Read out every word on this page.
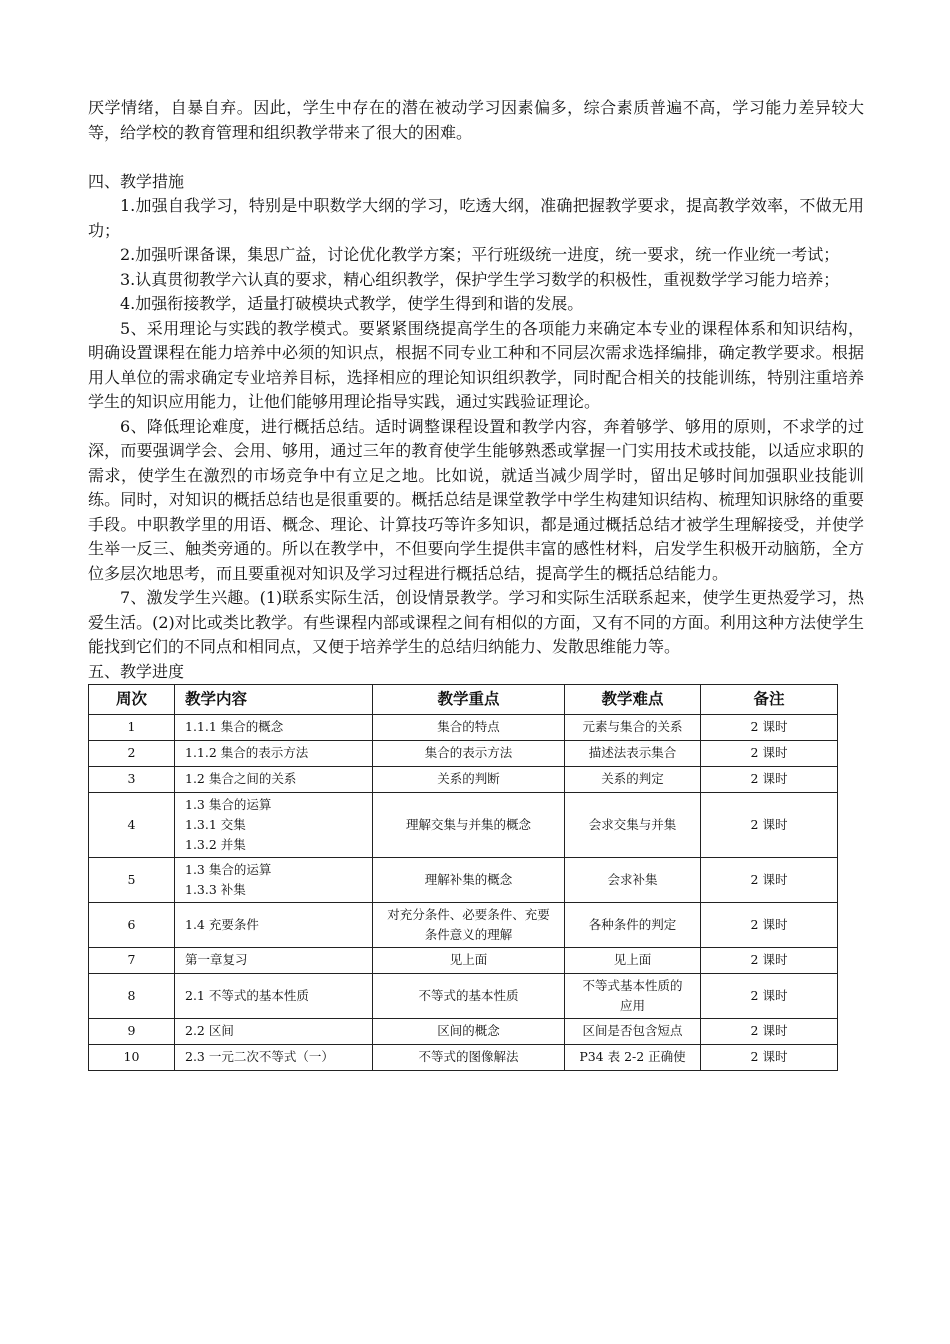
厌学情绪，自暴自弃。因此，学生中存在的潜在被动学习因素偏多，综合素质普遍不高，学习能力差异较大等，给学校的教育管理和组织教学带来了很大的困难。

四、教学措施

1.加强自我学习，特别是中职数学大纲的学习，吃透大纲，准确把握教学要求，提高教学效率，不做无用功；

2.加强听课备课，集思广益，讨论优化教学方案；平行班级统一进度，统一要求，统一作业统一考试；

3.认真贯彻教学六认真的要求，精心组织教学，保护学生学习数学的积极性，重视数学学习能力培养；

4.加强衔接教学，适量打破模块式教学，使学生得到和谐的发展。

5、采用理论与实践的教学模式。要紧紧围绕提高学生的各项能力来确定本专业的课程体系和知识结构，明确设置课程在能力培养中必须的知识点，根据不同专业工种和不同层次需求选择编排，确定教学要求。根据用人单位的需求确定专业培养目标，选择相应的理论知识组织教学，同时配合相关的技能训练，特别注重培养学生的知识应用能力，让他们能够用理论指导实践，通过实践验证理论。

6、降低理论难度，进行概括总结。适时调整课程设置和教学内容，奔着够学、够用的原则，不求学的过深，而要强调学会、会用、够用，通过三年的教育使学生能够熟悉或掌握一门实用技术或技能，以适应求职的需求，使学生在激烈的市场竞争中有立足之地。比如说，就适当减少周学时，留出足够时间加强职业技能训练。同时，对知识的概括总结也是很重要的。概括总结是课堂教学中学生构建知识结构、梳理知识脉络的重要手段。中职教学里的用语、概念、理论、计算技巧等许多知识，都是通过概括总结才被学生理解接受，并使学生举一反三、触类旁通的。所以在教学中，不但要向学生提供丰富的感性材料，启发学生积极开动脑筋，全方位多层次地思考，而且要重视对知识及学习过程进行概括总结，提高学生的概括总结能力。

7、激发学生兴趣。(1)联系实际生活，创设情景教学。学习和实际生活联系起来，使学生更热爱学习，热爱生活。(2)对比或类比教学。有些课程内部或课程之间有相似的方面，又有不同的方面。利用这种方法使学生能找到它们的不同点和相同点，又便于培养学生的总结归纳能力、发散思维能力等。

五、教学进度

周次	教学内容	教学重点	教学难点	备注
1	1.1.1 集合的概念	集合的特点	元素与集合的关系	2 课时
2	1.1.2 集合的表示方法	集合的表示方法	描述法表示集合	2 课时
3	1.2 集合之间的关系	关系的判断	关系的判定	2 课时
4	1.3 集合的运算
1.3.1 交集
1.3.2 并集	理解交集与并集的概念	会求交集与并集	2 课时
5	1.3 集合的运算
1.3.3 补集	理解补集的概念	会求补集	2 课时
6	1.4 充要条件	对充分条件、必要条件、充要
条件意义的理解	各种条件的判定	2 课时
7	第一章复习	见上面	见上面	2 课时
8	2.1 不等式的基本性质	不等式的基本性质	不等式基本性质的
应用	2 课时
9	2.2 区间	区间的概念	区间是否包含短点	2 课时
10	2.3 一元二次不等式（一）	不等式的图像解法	P34 表 2-2 正确使	2 课时
